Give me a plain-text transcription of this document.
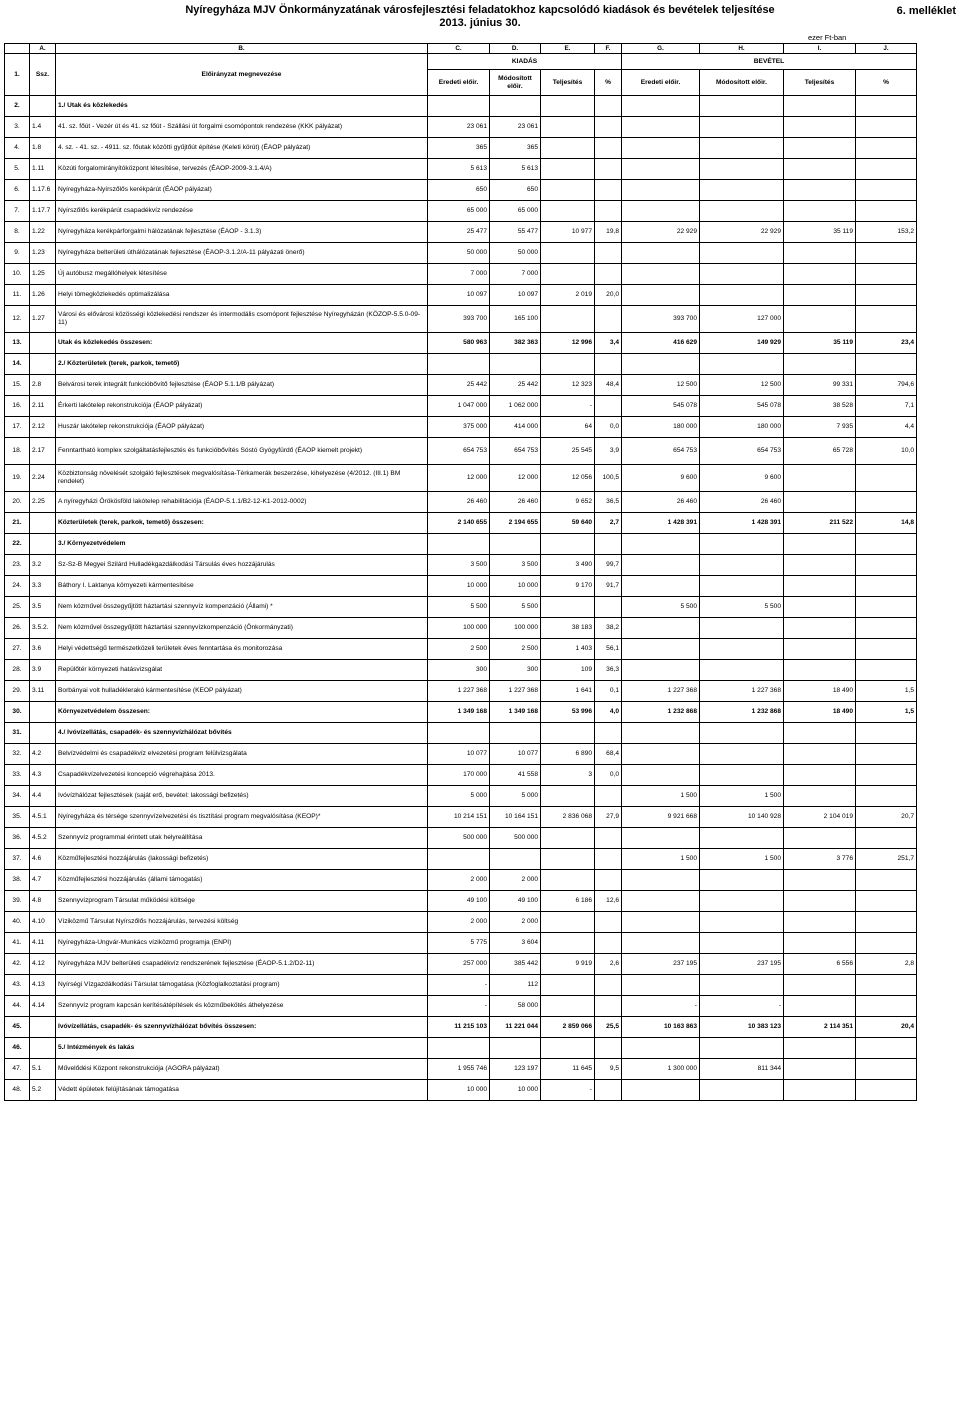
Nyíregyháza MJV Önkormányzatának városfejlesztési feladatokhoz kapcsolódó kiadások és bevételek teljesítése
2013. június 30.
6. melléklet
ezer Ft-ban
	A.	B.	C.	D.	E.	F.	G.	H.	I.	J.
1.	Ssz.	Előirányzat megnevezése	KIADÁS				BEVÉTEL			
			Eredeti előir.	Módosított előir.	Teljesítés	%	Eredeti előir.	Módosított előir.	Teljesítés	%
2.		1./ Utak és közlekedés								
3.	1.4	41. sz. főút - Vezér út és 41. sz főút - Szállási út forgalmi csomópontok rendezése (KKK pályázat)	23 061	23 061						
4.	1.8	4. sz. - 41. sz. - 4911. sz. főutak közötti gyűjtőút építése (Keleti körút) (ÉAOP pályázat)	365	365						
5.	1.11	Közúti forgalomirányítóközpont létesítése, tervezés (ÉAOP-2009-3.1.4/A)	5 613	5 613						
6.	1.17.6	Nyíregyháza-Nyírszőlős kerékpárút (ÉAOP pályázat)	650	650						
7.	1.17.7	Nyírszőlős kerékpárút csapadékvíz rendezése	65 000	65 000						
8.	1.22	Nyíregyháza kerékpárforgalmi hálózatának fejlesztése (ÉAOP - 3.1.3)	25 477	55 477	10 977	19,8	22 929	22 929	35 119	153,2
9.	1.23	Nyíregyháza belterületi úthálózatának fejlesztése (ÉAOP-3.1.2/A-11 pályázati önerő)	50 000	50 000						
10.	1.25	Új autóbusz megállóhelyek létesítése	7 000	7 000						
11.	1.26	Helyi tömegközlekedés optimalizálása	10 097	10 097	2 019	20,0				
12.	1.27	Városi és elővárosi közösségi közlekedési rendszer és intermodális csomópont fejlesztése Nyíregyházán (KÖZOP-5.5.0-09-11)	393 700	165 100			393 700	127 000		
13.		Utak és közlekedés összesen:	580 963	382 363	12 996	3,4	416 629	149 929	35 119	23,4
14.		2./ Közterületek (terek, parkok, temető)								
15.	2.8	Belvárosi terek integrált funkcióbővítő fejlesztése (ÉAOP 5.1.1/B pályázat)	25 442	25 442	12 323	48,4	12 500	12 500	99 331	794,6
16.	2.11	Érkerti lakótelep rekonstrukciója (ÉAOP pályázat)	1 047 000	1 062 000	-		545 078	545 078	38 528	7,1
17.	2.12	Huszár lakótelep rekonstrukciója (ÉAOP pályázat)	375 000	414 000	64	0,0	180 000	180 000	7 935	4,4
18.	2.17	Fenntartható komplex szolgáltatásfejlesztés és funkcióbővítés Sóstó Gyógyfürdő (ÉAOP kiemelt projekt)	654 753	654 753	25 545	3,9	654 753	654 753	65 728	10,0
19.	2.24	Közbiztonság növelését szolgáló fejlesztések megvalósítása-Térkamerák beszerzése, kihelyezése (4/2012. (III.1) BM rendelet)	12 000	12 000	12 056	100,5	9 600	9 600		
20.	2.25	A nyíregyházi Örökösföld lakótelep rehabilitációja (ÉAOP-5.1.1/B2-12-K1-2012-0002)	26 460	26 460	9 652	36,5	26 460	26 460		
21.		Közterületek (terek, parkok, temető) összesen:	2 140 655	2 194 655	59 640	2,7	1 428 391	1 428 391	211 522	14,8
22.		3./ Környezetvédelem								
23.	3.2	Sz-Sz-B Megyei Szilárd Hulladékgazdálkodási Társulás éves hozzájárulás	3 500	3 500	3 490	99,7				
24.	3.3	Báthory I. Laktanya környezeti kármentesítése	10 000	10 000	9 170	91,7				
25.	3.5	Nem közművel összegyűjtött háztartási szennyvíz kompenzáció (Állami) *	5 500	5 500			5 500	5 500		
26.	3.5.2.	Nem közművel összegyűjtött háztartási szennyvízkompenzáció (Önkormányzati)	100 000	100 000	38 183	38,2				
27.	3.6	Helyi védettségű természetközeli területek éves fenntartása és monitorozása	2 500	2 500	1 403	56,1				
28.	3.9	Repülőtér környezeti hatásvizsgálat	300	300	109	36,3				
29.	3.11	Borbányai volt hulladéklerakó kármentesítése (KEOP pályázat)	1 227 368	1 227 368	1 641	0,1	1 227 368	1 227 368	18 490	1,5
30.		Környezetvédelem összesen:	1 349 168	1 349 168	53 996	4,0	1 232 868	1 232 868	18 490	1,5
31.		4./ Ivóvízellátás, csapadék- és szennyvízhálózat bővítés								
32.	4.2	Belvízvédelmi és csapadékvíz elvezetési program felülvizsgálata	10 077	10 077	6 890	68,4				
33.	4.3	Csapadékvízelvezetési koncepció végrehajtása 2013.	170 000	41 558	3	0,0				
34.	4.4	Ivóvízhálózat fejlesztések (saját erő, bevétel: lakossági befizetés)	5 000	5 000			1 500	1 500		
35.	4.5.1	Nyíregyháza és térsége szennyvízelvezetési és tisztítási program megvalósítása (KEOP)*	10 214 151	10 164 151	2 836 068	27,9	9 921 668	10 140 928	2 104 019	20,7
36.	4.5.2	Szennyvíz programmal érintett utak helyreállítása	500 000	500 000						
37.	4.6	Közműfejlesztési hozzájárulás (lakossági befizetés)					1 500	1 500	3 776	251,7
38.	4.7	Közműfejlesztési hozzájárulás (állami támogatás)	2 000	2 000						
39.	4.8	Szennyvízprogram Társulat működési költsége	49 100	49 100	6 186	12,6				
40.	4.10	Víziközmű Társulat Nyírszőlős hozzájárulás, tervezési költség	2 000	2 000						
41.	4.11	Nyíregyháza-Ungvár-Munkács víziközmű programja (ENPI)	5 775	3 604						
42.	4.12	Nyíregyháza MJV belterületi csapadékvíz rendszerének fejlesztése (ÉAOP-5.1.2/D2-11)	257 000	385 442	9 919	2,6	237 195	237 195	6 556	2,8
43.	4.13	Nyírségi Vízgazdálkodási Társulat támogatása (Közfoglalkoztatási program)	-	112						
44.	4.14	Szennyvíz program kapcsán kerítésátépítések és közműbekötés áthelyezése	-	58 000			-	-		
45.		Ivóvízellátás, csapadék- és szennyvízhálózat bővítés összesen:	11 215 103	11 221 044	2 859 066	25,5	10 163 863	10 383 123	2 114 351	20,4
46.		5./ Intézmények és lakás								
47.	5.1	Művelődési Központ rekonstrukciója (AGORA pályázat)	1 955 746	123 197	11 645	9,5	1 300 000	811 344		
48.	5.2	Védett épületek felújításának támogatása	10 000	10 000	-					
